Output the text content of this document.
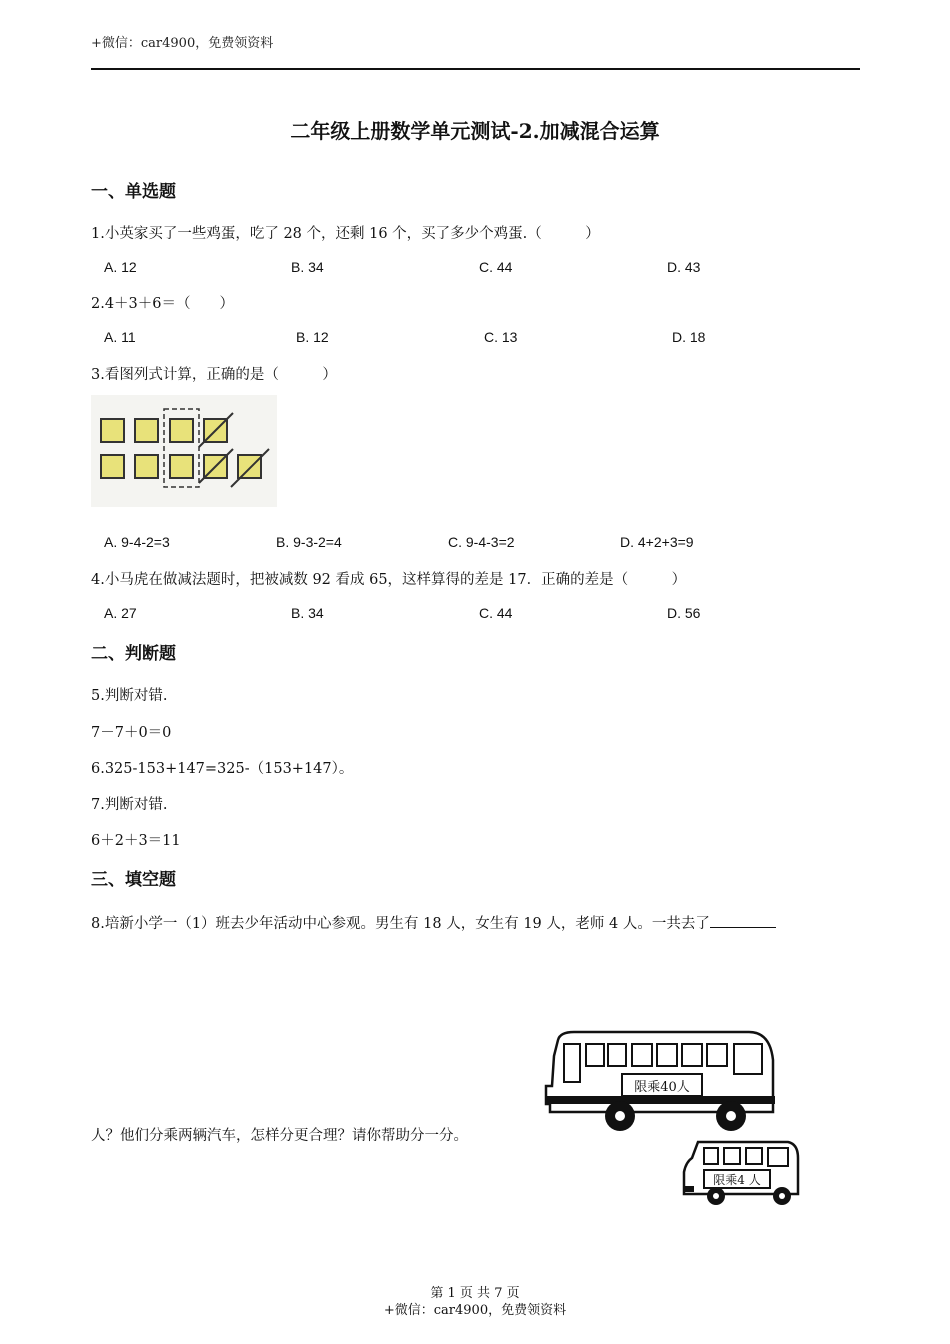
+微信：car4900，免费领资料
二年级上册数学单元测试-2.加减混合运算
一、单选题
1.小英家买了一些鸡蛋，吃了 28 个，还剩 16 个，买了多少个鸡蛋.（　　　）
A. 12	B. 34	C. 44	D. 43
2.4＋3＋6＝（　　）
A. 11	B. 12	C. 13	D. 18
3.看图列式计算，正确的是（　　　）
A. 9-4-2=3	B. 9-3-2=4	C. 9-4-3=2	D. 4+2+3=9
4.小马虎在做减法题时，把被减数 92 看成 65，这样算得的差是 17．正确的差是（　　　）
A. 27	B. 34	C. 44	D. 56
二、判断题
5.判断对错.
7－7＋0＝0
6.325-153+147=325-（153+147）。
7.判断对错.
6＋2＋3＝11
三、填空题
8.培新小学一（1）班去少年活动中心参观。男生有 18 人，女生有 19 人，老师 4 人。一共去了
人？他们分乘两辆汽车，怎样分更合理？请你帮助分一分。
限乘40人
限乘4 人
第 1 页 共 7 页
+微信：car4900，免费领资料
